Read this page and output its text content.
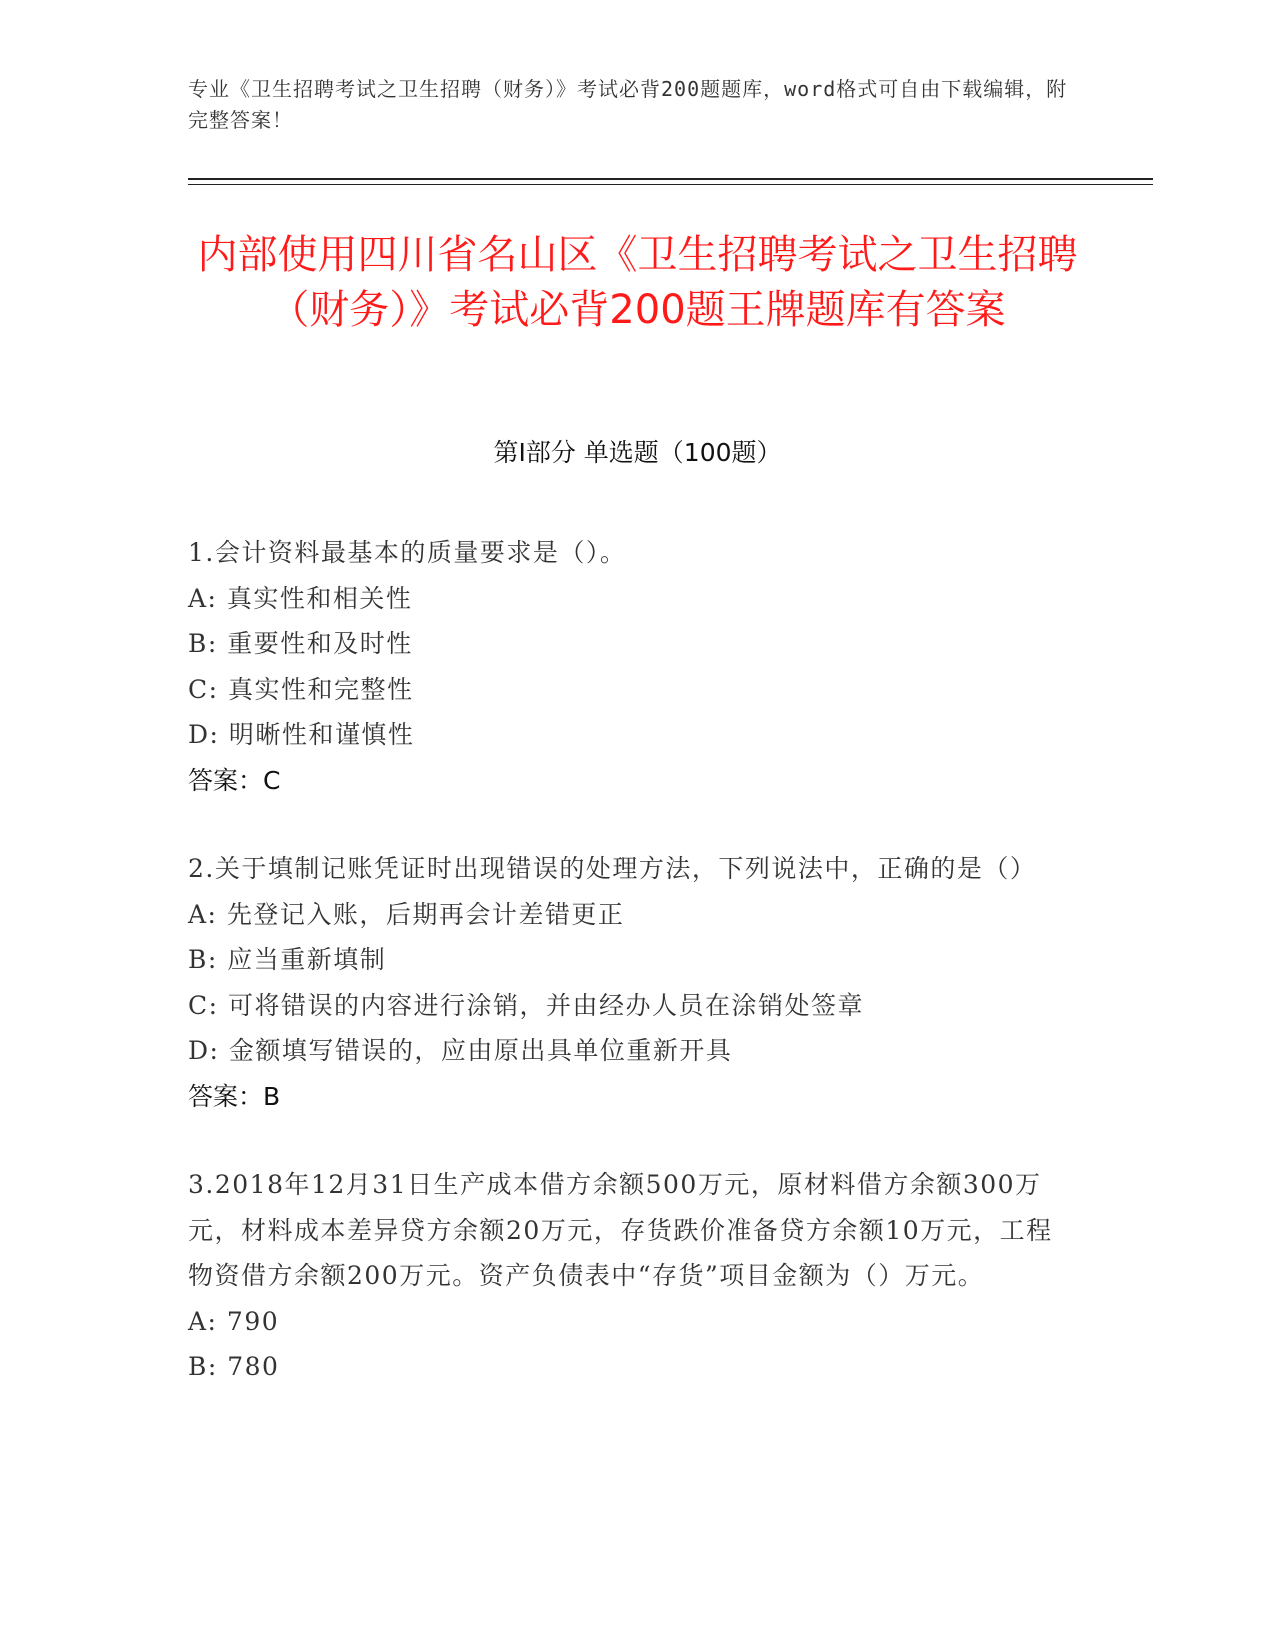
专业《卫生招聘考试之卫生招聘（财务）》考试必背200题题库，word格式可自由下载编辑，附完整答案！
内部使用四川省名山区《卫生招聘考试之卫生招聘（财务）》考试必背200题王牌题库有答案
第I部分 单选题（100题）
1.会计资料最基本的质量要求是（）。
A: 真实性和相关性
B: 重要性和及时性
C: 真实性和完整性
D: 明晰性和谨慎性
答案：C
2.关于填制记账凭证时出现错误的处理方法，下列说法中，正确的是（）
A: 先登记入账，后期再会计差错更正
B: 应当重新填制
C: 可将错误的内容进行涂销，并由经办人员在涂销处签章
D: 金额填写错误的，应由原出具单位重新开具
答案：B
3.2018年12月31日生产成本借方余额500万元，原材料借方余额300万元，材料成本差异贷方余额20万元，存货跌价准备贷方余额10万元，工程物资借方余额200万元。资产负债表中“存货”项目金额为（）万元。
A: 790
B: 780
